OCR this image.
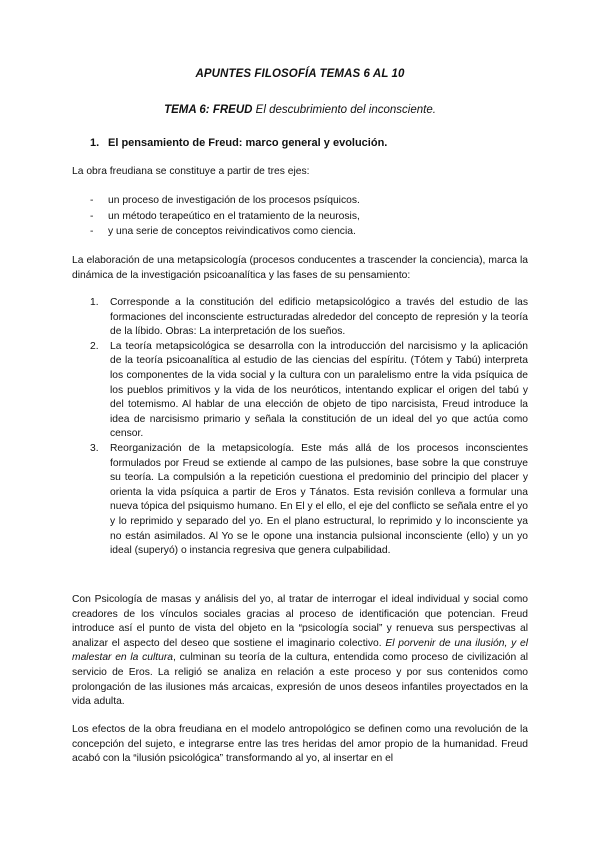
APUNTES FILOSOFÍA TEMAS 6 AL 10
TEMA 6: FREUD El descubrimiento del inconsciente.
1. El pensamiento de Freud: marco general y evolución.

La obra freudiana se constituye a partir de tres ejes:

- un proceso de investigación de los procesos psíquicos.
- un método terapeútico en el tratamiento de la neurosis,
- y una serie de conceptos reivindicativos como ciencia.

La elaboración de una metapsicología (procesos conducentes a trascender la conciencia), marca la dinámica de la investigación psicoanalítica y las fases de su pensamiento:

1. Corresponde a la constitución del edificio metapsicológico a través del estudio de las formaciones del inconsciente estructuradas alrededor del concepto de represión y la teoría de la líbido. Obras: La interpretación de los sueños.
2. La teoría metapsicológica se desarrolla con la introducción del narcisismo y la aplicación de la teoría psicoanalítica al estudio de las ciencias del espíritu. (Tótem y Tabú) interpreta los componentes de la vida social y la cultura con un paralelismo entre la vida psíquica de los pueblos primitivos y la vida de los neuróticos, intentando explicar el origen del tabú y del totemismo. Al hablar de una elección de objeto de tipo narcisista, Freud introduce la idea de narcisismo primario y señala la constitución de un ideal del yo que actúa como censor.
3. Reorganización de la metapsicología. Este más allá de los procesos inconscientes formulados por Freud se extiende al campo de las pulsiones, base sobre la que construye su teoría. La compulsión a la repetición cuestiona el predominio del principio del placer y orienta la vida psíquica a partir de Eros y Tánatos. Esta revisión conlleva a formular una nueva tópica del psiquismo humano. En El y el ello, el eje del conflicto se señala entre el yo y lo reprimido y separado del yo. En el plano estructural, lo reprimido y lo inconsciente ya no están asimilados. Al Yo se le opone una instancia pulsional inconsciente (ello) y un yo ideal (superyó) o instancia regresiva que genera culpabilidad.

Con Psicología de masas y análisis del yo, al tratar de interrogar el ideal individual y social como creadores de los vínculos sociales gracias al proceso de identificación que potencian. Freud introduce así el punto de vista del objeto en la “psicología social” y renueva sus perspectivas al analizar el aspecto del deseo que sostiene el imaginario colectivo. El porvenir de una ilusión, y el malestar en la cultura, culminan su teoría de la cultura, entendida como proceso de civilización al servicio de Eros. La religió se analiza en relación a este proceso y por sus contenidos como prolongación de las ilusiones más arcaicas, expresión de unos deseos infantiles proyectados en la vida adulta.

Los efectos de la obra freudiana en el modelo antropológico se definen como una revolución de la concepción del sujeto, e integrarse entre las tres heridas del amor propio de la humanidad. Freud acabó con la “ilusión psicológica” transformando al yo, al insertar en el
